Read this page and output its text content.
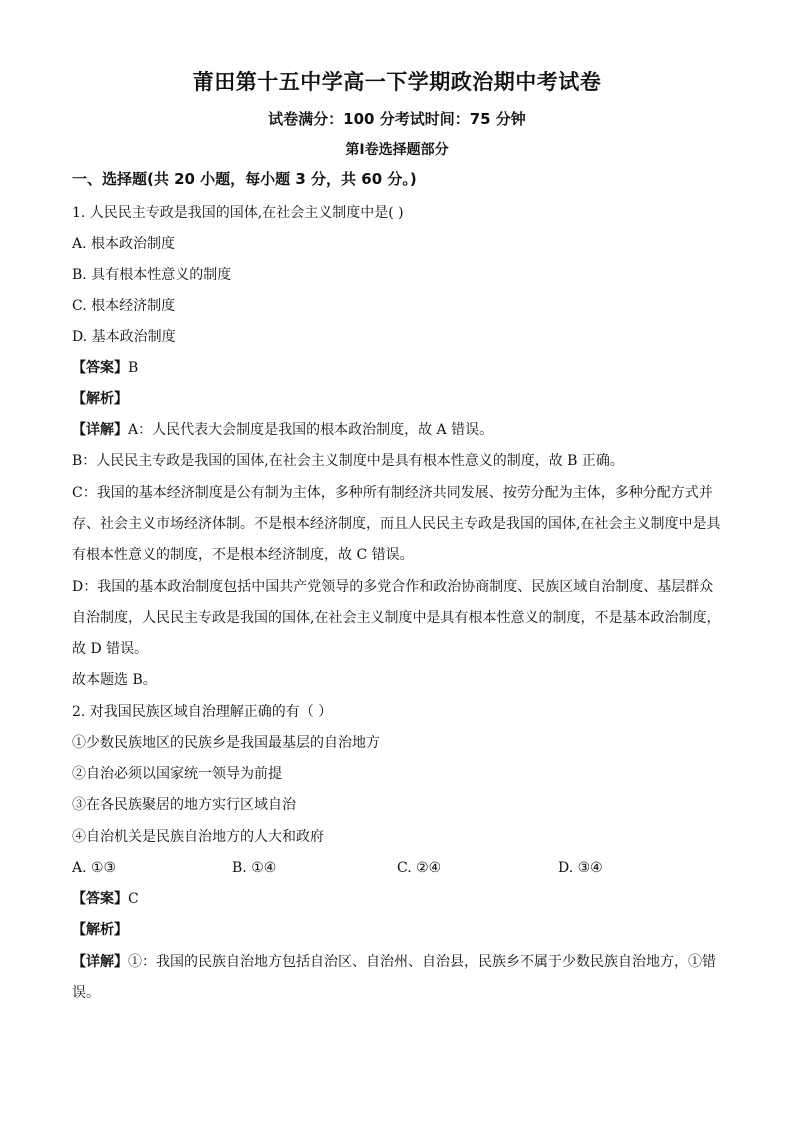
莆田第十五中学高一下学期政治期中考试卷
试卷满分：100 分考试时间：75 分钟
第Ⅰ卷选择题部分
一、选择题(共 20 小题，每小题 3 分，共 60 分。)
1. 人民民主专政是我国的国体,在社会主义制度中是( )
A. 根本政治制度
B. 具有根本性意义的制度
C. 根本经济制度
D. 基本政治制度
【答案】B
【解析】
【详解】A：人民代表大会制度是我国的根本政治制度，故 A 错误。
B：人民民主专政是我国的国体,在社会主义制度中是具有根本性意义的制度，故 B 正确。
C：我国的基本经济制度是公有制为主体，多种所有制经济共同发展、按劳分配为主体，多种分配方式并
存、社会主义市场经济体制。不是根本经济制度，而且人民民主专政是我国的国体,在社会主义制度中是具
有根本性意义的制度，不是根本经济制度，故 C 错误。
D：我国的基本政治制度包括中国共产党领导的多党合作和政治协商制度、民族区域自治制度、基层群众
自治制度，人民民主专政是我国的国体,在社会主义制度中是具有根本性意义的制度，不是基本政治制度，
故 D 错误。
故本题选 B。
2. 对我国民族区域自治理解正确的有（ ）
①少数民族地区的民族乡是我国最基层的自治地方
②自治必须以国家统一领导为前提
③在各民族聚居的地方实行区域自治
④自治机关是民族自治地方的人大和政府
A. ①③	B. ①④	C. ②④	D. ③④
【答案】C
【解析】
【详解】①：我国的民族自治地方包括自治区、自治州、自治县，民族乡不属于少数民族自治地方，①错
误。
